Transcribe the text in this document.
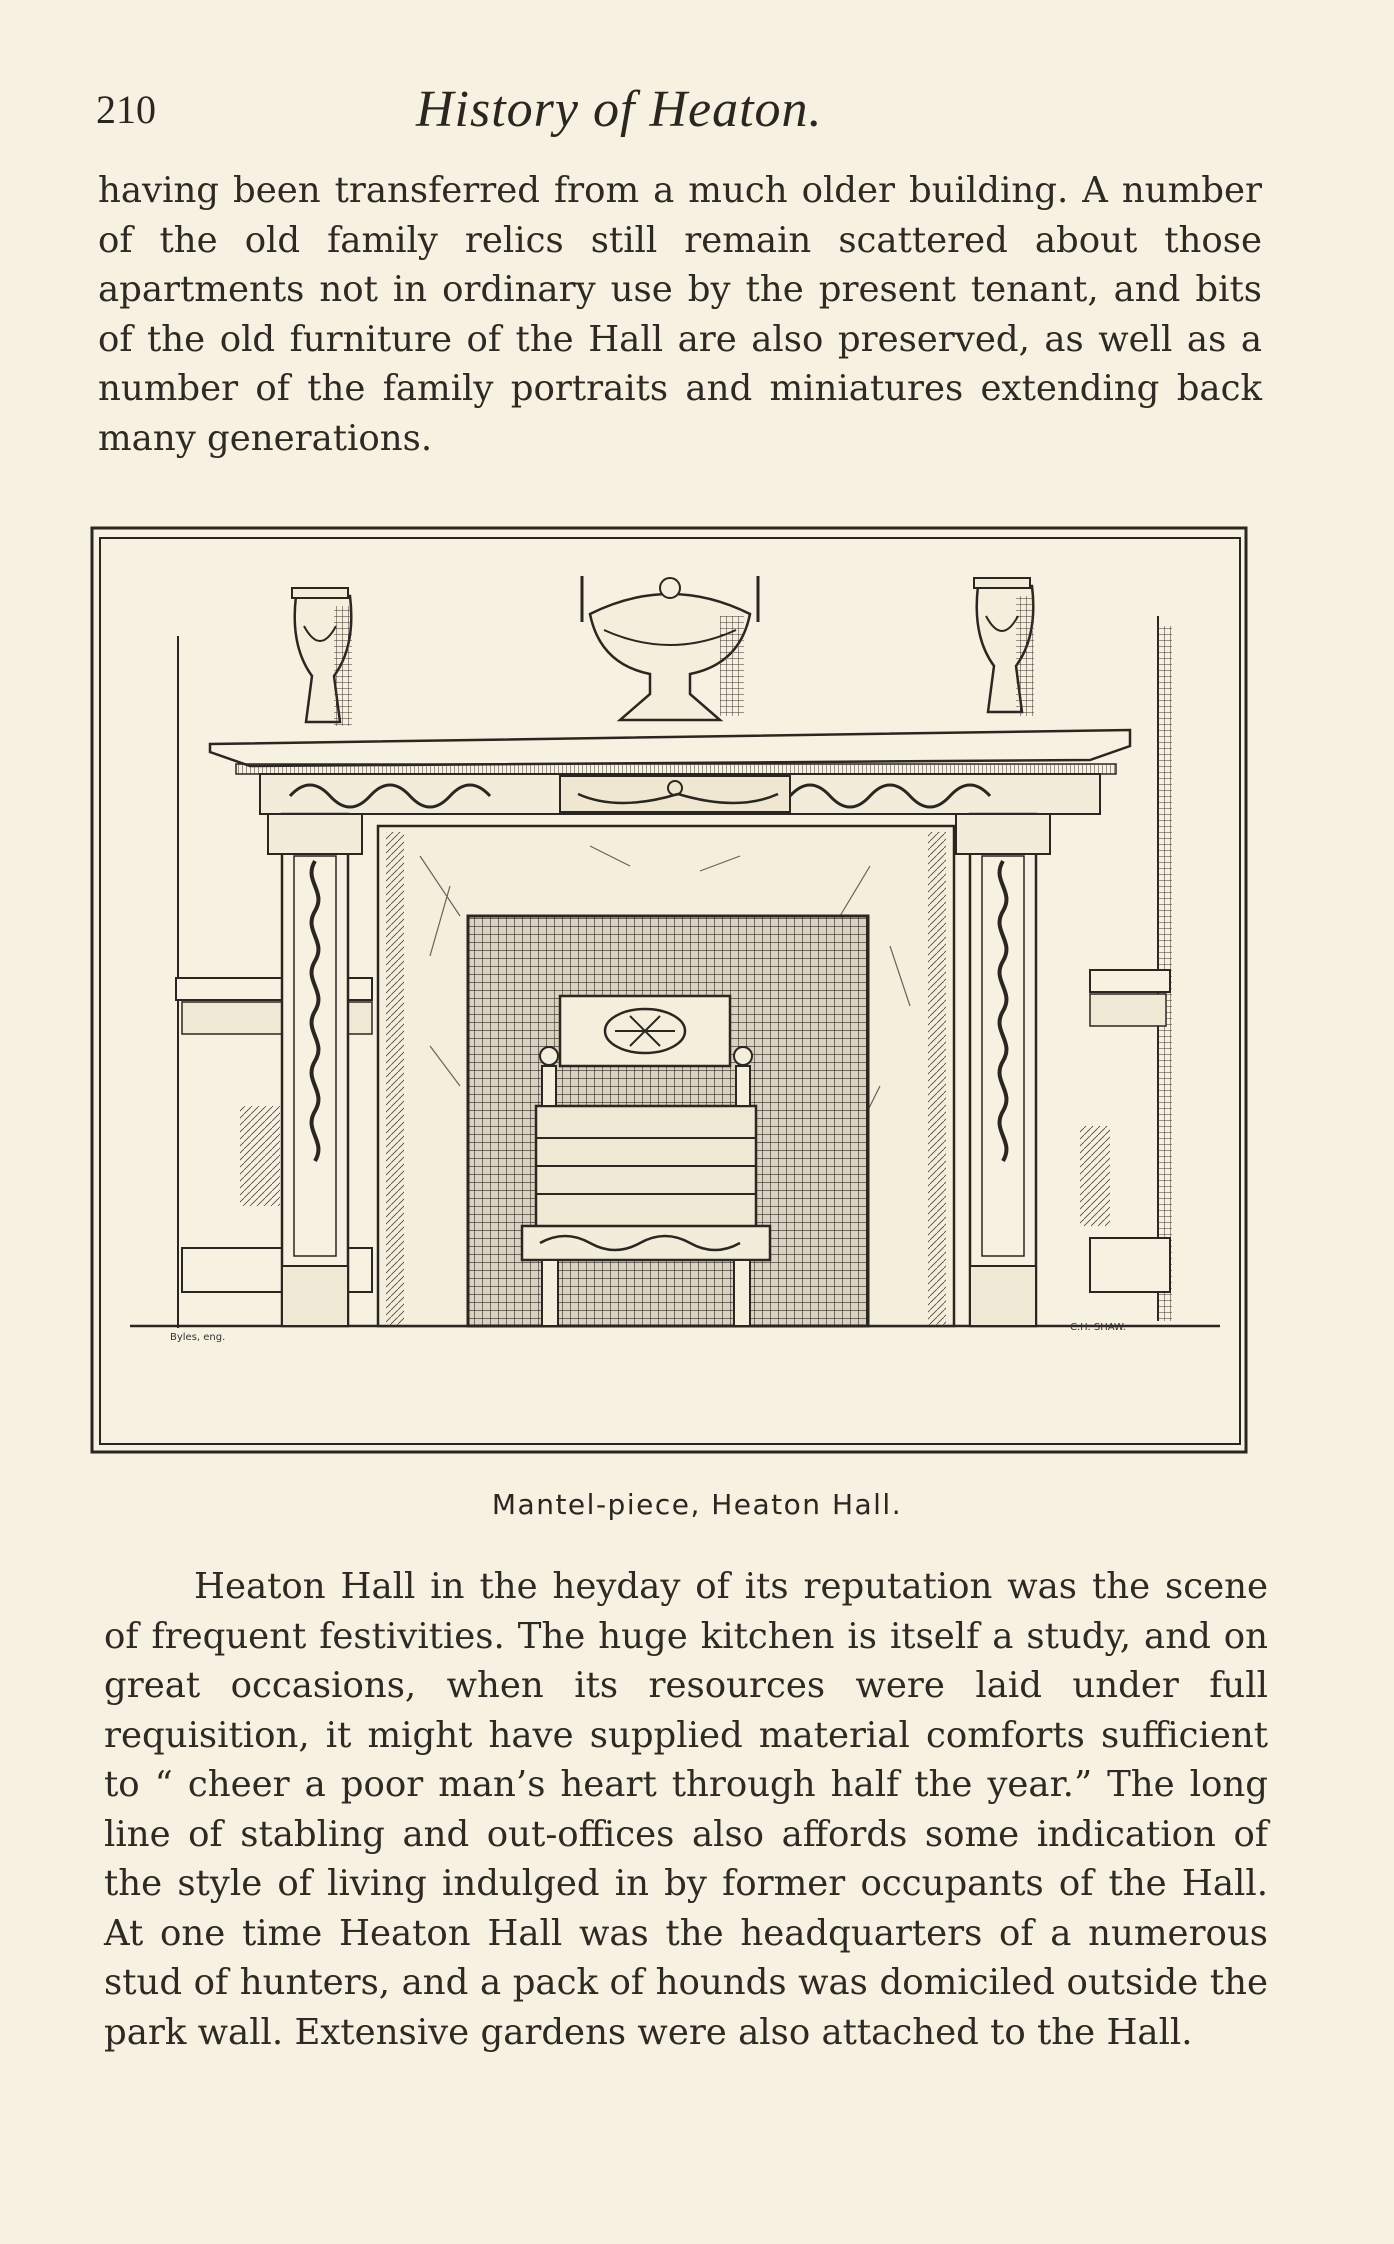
210	History of Heaton.

having been transferred from a much older building. A number of the old family relics still remain scattered about those apartments not in ordinary use by the present tenant, and bits of the old furniture of the Hall are also preserved, as well as a number of the family portraits and miniatures extending back many generations.

Byles, eng.
C.H. SHAW.
Mantel-piece, Heaton Hall.

Heaton Hall in the heyday of its reputation was the scene of frequent festivities. The huge kitchen is itself a study, and on great occasions, when its resources were laid under full requisition, it might have supplied material comforts sufficient to “ cheer a poor man’s heart through half the year.” The long line of stabling and out-offices also affords some indication of the style of living indulged in by former occupants of the Hall. At one time Heaton Hall was the headquarters of a numerous stud of hunters, and a pack of hounds was domiciled outside the park wall. Extensive gardens were also attached to the Hall.
